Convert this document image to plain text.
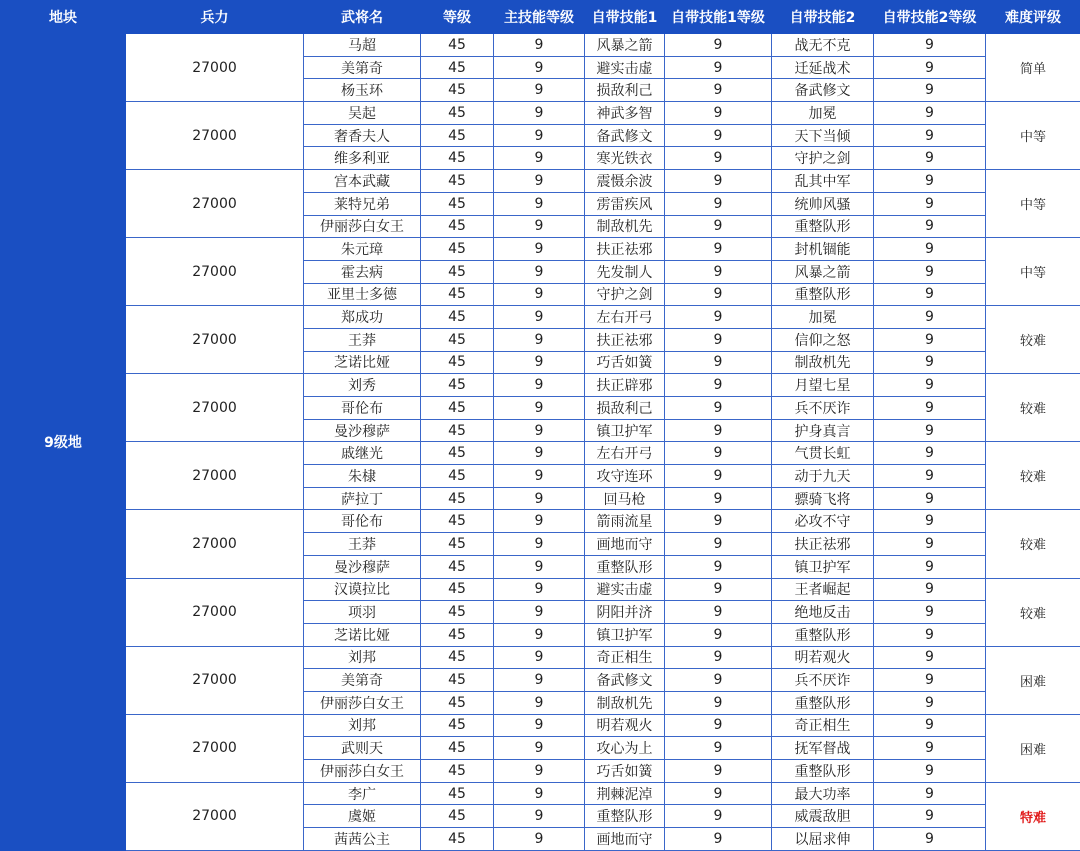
地块	兵力	武将名	等级	主技能等级	自带技能1	自带技能1等级	自带技能2	自带技能2等级	难度评级
9级地	27000	马超	45	9	风暴之箭	9	战无不克	9	简单
		美第奇	45	9	避实击虚	9	迁延战术	9	
		杨玉环	45	9	损敌利己	9	备武修文	9	
	27000	吴起	45	9	神武多智	9	加冕	9	中等
		奢香夫人	45	9	备武修文	9	天下当倾	9	
		维多利亚	45	9	寒光铁衣	9	守护之剑	9	
	27000	宫本武藏	45	9	震慑余波	9	乱其中军	9	中等
		莱特兄弟	45	9	雳雷疾风	9	统帅风骚	9	
		伊丽莎白女王	45	9	制敌机先	9	重整队形	9	
	27000	朱元璋	45	9	扶正祛邪	9	封机锢能	9	中等
		霍去病	45	9	先发制人	9	风暴之箭	9	
		亚里士多德	45	9	守护之剑	9	重整队形	9	
	27000	郑成功	45	9	左右开弓	9	加冕	9	较难
		王莽	45	9	扶正祛邪	9	信仰之怒	9	
		芝诺比娅	45	9	巧舌如簧	9	制敌机先	9	
	27000	刘秀	45	9	扶正辟邪	9	月望七星	9	较难
		哥伦布	45	9	损敌利己	9	兵不厌诈	9	
		曼沙穆萨	45	9	镇卫护军	9	护身真言	9	
	27000	戚继光	45	9	左右开弓	9	气贯长虹	9	较难
		朱棣	45	9	攻守连环	9	动于九天	9	
		萨拉丁	45	9	回马枪	9	骠骑飞将	9	
	27000	哥伦布	45	9	箭雨流星	9	必攻不守	9	较难
		王莽	45	9	画地而守	9	扶正祛邪	9	
		曼沙穆萨	45	9	重整队形	9	镇卫护军	9	
	27000	汉谟拉比	45	9	避实击虚	9	王者崛起	9	较难
		项羽	45	9	阴阳并济	9	绝地反击	9	
		芝诺比娅	45	9	镇卫护军	9	重整队形	9	
	27000	刘邦	45	9	奇正相生	9	明若观火	9	困难
		美第奇	45	9	备武修文	9	兵不厌诈	9	
		伊丽莎白女王	45	9	制敌机先	9	重整队形	9	
	27000	刘邦	45	9	明若观火	9	奇正相生	9	困难
		武则天	45	9	攻心为上	9	抚军督战	9	
		伊丽莎白女王	45	9	巧舌如簧	9	重整队形	9	
	27000	李广	45	9	荆棘泥淖	9	最大功率	9	特难
		虞姬	45	9	重整队形	9	威震敌胆	9	
		茜茜公主	45	9	画地而守	9	以屈求伸	9	
